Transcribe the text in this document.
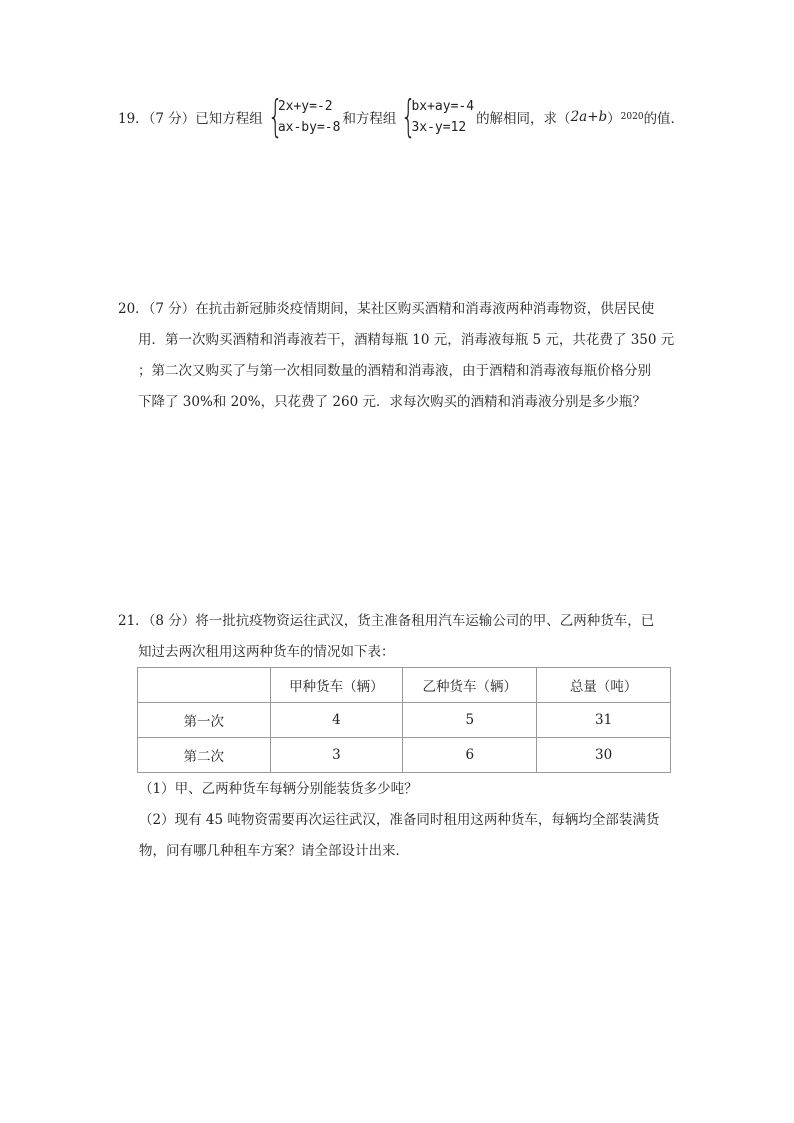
19．（7 分）已知方程组 {
2x+y=-2
ax-by=-8
和方程组 {
bx+ay=-4
3x-y=12
的解相同，求（ 2a+b ） 2020 的值．
20．（7 分）在抗击新冠肺炎疫情期间，某社区购买酒精和消毒液两种消毒物资，供居民使
用．第一次购买酒精和消毒液若干，酒精每瓶 10 元，消毒液每瓶 5 元，共花费了 350 元
；第二次又购买了与第一次相同数量的酒精和消毒液，由于酒精和消毒液每瓶价格分别
下降了 30%和 20%，只花费了 260 元．求每次购买的酒精和消毒液分别是多少瓶？
21．（8 分）将一批抗疫物资运往武汉，货主准备租用汽车运输公司的甲、乙两种货车，已
知过去两次租用这两种货车的情况如下表：
	甲种货车（辆）	乙种货车（辆）	总量（吨）
第一次	4	5	31
第二次	3	6	30
（1）甲、乙两种货车每辆分别能装货多少吨？
（2）现有 45 吨物资需要再次运往武汉，准备同时租用这两种货车，每辆均全部装满货
物，问有哪几种租车方案？请全部设计出来．
